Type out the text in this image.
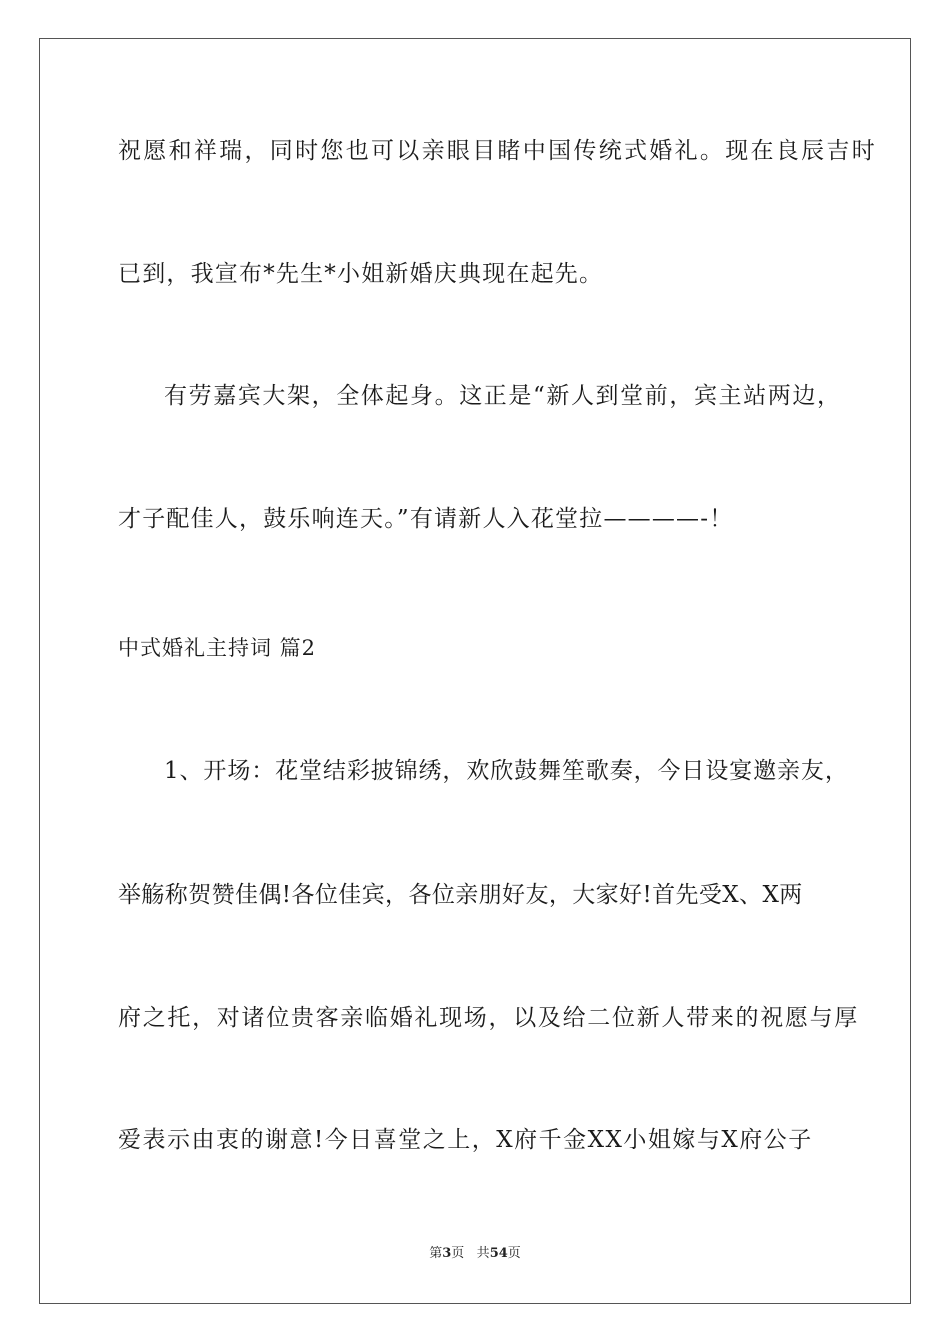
祝愿和祥瑞，同时您也可以亲眼目睹中国传统式婚礼。现在良辰吉时
已到，我宣布*先生*小姐新婚庆典现在起先。
有劳嘉宾大架，全体起身。这正是“新人到堂前，宾主站两边，
才子配佳人，鼓乐响连天。”有请新人入花堂拉————-！
中式婚礼主持词 篇2
1、开场：花堂结彩披锦绣，欢欣鼓舞笙歌奏，今日设宴邀亲友，
举觞称贺赞佳偶!各位佳宾，各位亲朋好友，大家好!首先受X、X两
府之托，对诸位贵客亲临婚礼现场，以及给二位新人带来的祝愿与厚
爱表示由衷的谢意!今日喜堂之上，X府千金XX小姐嫁与X府公子
第3页 共54页
